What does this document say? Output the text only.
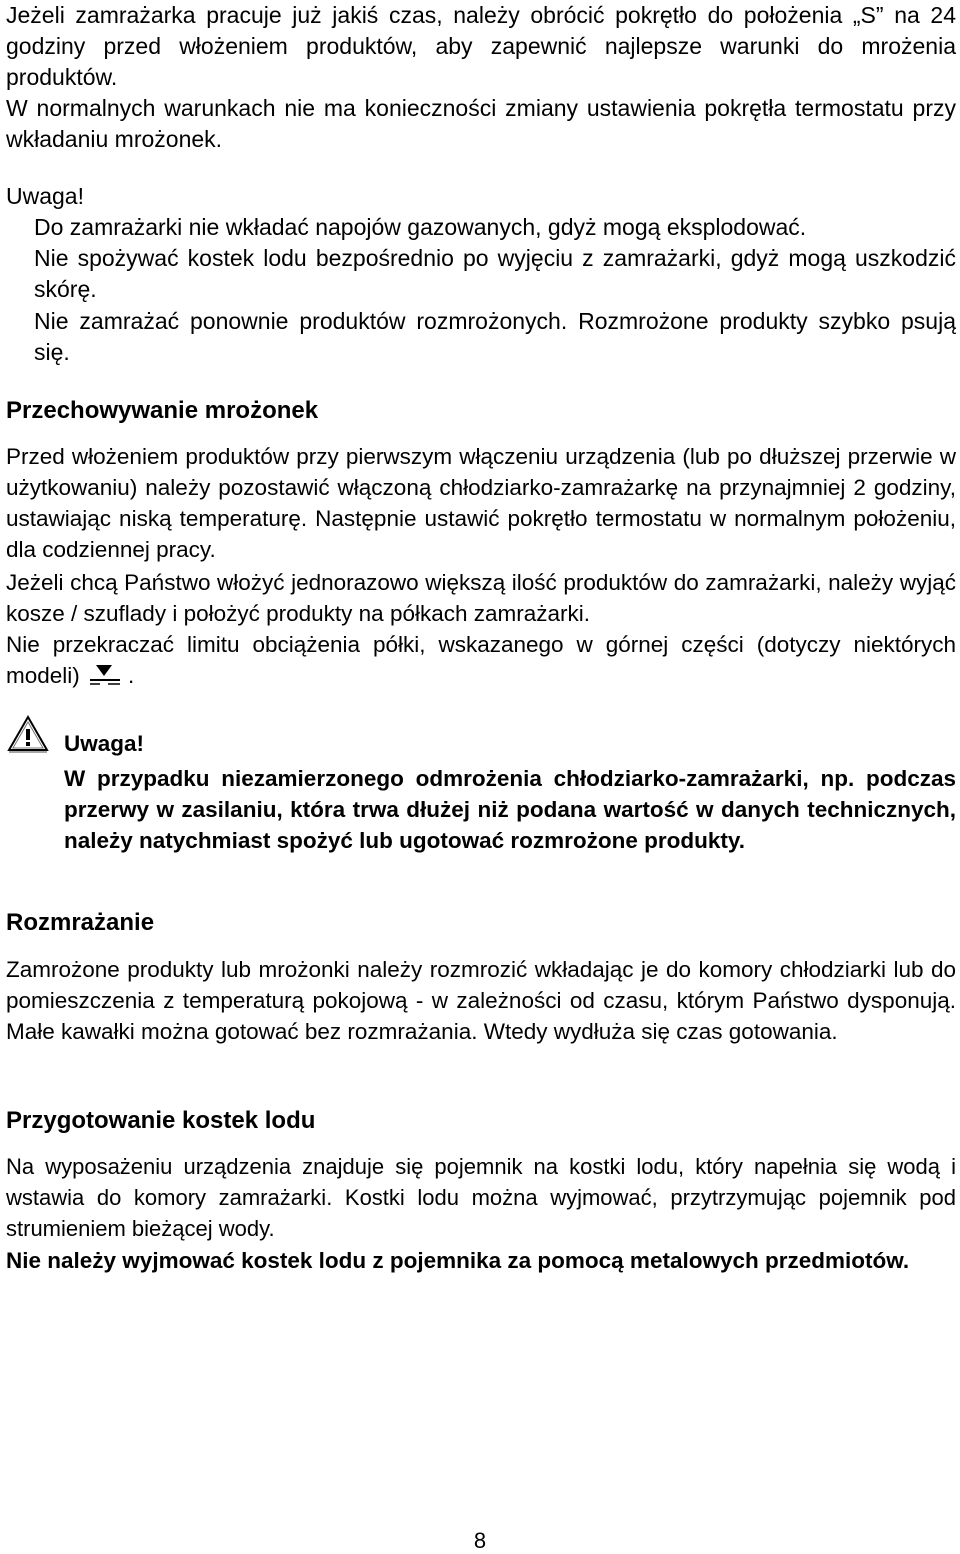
Jeżeli zamrażarka pracuje już jakiś czas, należy obrócić pokrętło do położenia „S” na 24 godziny przed włożeniem produktów, aby zapewnić najlepsze warunki do mrożenia produktów.

W normalnych warunkach nie ma konieczności zmiany ustawienia pokrętła termostatu przy wkładaniu mrożonek.

Uwaga!

Do zamrażarki nie wkładać napojów gazowanych, gdyż mogą eksplodować.

Nie spożywać kostek lodu bezpośrednio po wyjęciu z zamrażarki, gdyż mogą uszkodzić skórę.

Nie zamrażać ponownie produktów rozmrożonych. Rozmrożone produkty szybko psują się.

Przechowywanie mrożonek

Przed włożeniem produktów przy pierwszym włączeniu urządzenia (lub po dłuższej przerwie w użytkowaniu) należy pozostawić włączoną chłodziarko-zamrażarkę na przynajmniej 2 godziny, ustawiając niską temperaturę. Następnie ustawić pokrętło termostatu w normalnym położeniu, dla codziennej pracy.

Jeżeli chcą Państwo włożyć jednorazowo większą ilość produktów do zamrażarki, należy wyjąć kosze / szuflady i położyć produkty na półkach zamrażarki.

Nie przekraczać limitu obciążenia półki, wskazanego w górnej części (dotyczy niektórych modeli) .

Uwaga!
W przypadku niezamierzonego odmrożenia chłodziarko-zamrażarki, np. podczas przerwy w zasilaniu, która trwa dłużej niż podana wartość w danych technicznych, należy natychmiast spożyć lub ugotować rozmrożone produkty.
Rozmrażanie

Zamrożone produkty lub mrożonki należy rozmrozić wkładając je do komory chłodziarki lub do pomieszczenia z temperaturą pokojową - w zależności od czasu, którym Państwo dysponują. Małe kawałki można gotować bez rozmrażania. Wtedy wydłuża się czas gotowania.

Przygotowanie kostek lodu

Na wyposażeniu urządzenia znajduje się pojemnik na kostki lodu, który napełnia się wodą i wstawia do komory zamrażarki. Kostki lodu można wyjmować, przytrzymując pojemnik pod strumieniem bieżącej wody.

Nie należy wyjmować kostek lodu z pojemnika za pomocą metalowych przedmiotów.

8
